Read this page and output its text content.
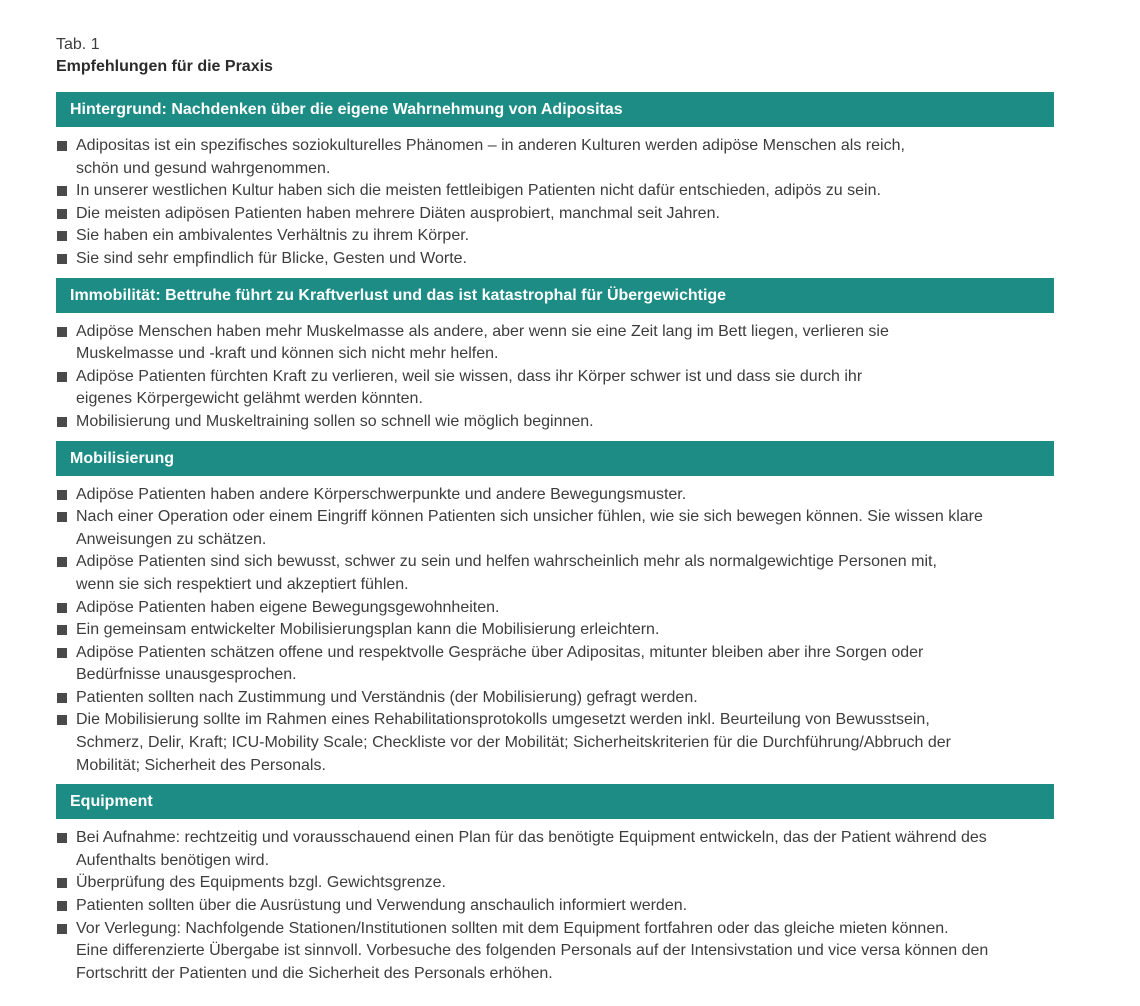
Tab. 1

Empfehlungen für die Praxis

Hintergrund: Nachdenken über die eigene Wahrnehmung von Adipositas
Adipositas ist ein spezifisches soziokulturelles Phänomen – in anderen Kulturen werden adipöse Menschen als reich,
schön und gesund wahrgenommen.
In unserer westlichen Kultur haben sich die meisten fettleibigen Patienten nicht dafür entschieden, adipös zu sein.
Die meisten adipösen Patienten haben mehrere Diäten ausprobiert, manchmal seit Jahren.
Sie haben ein ambivalentes Verhältnis zu ihrem Körper.
Sie sind sehr empfindlich für Blicke, Gesten und Worte.
Immobilität: Bettruhe führt zu Kraftverlust und das ist katastrophal für Übergewichtige
Adipöse Menschen haben mehr Muskelmasse als andere, aber wenn sie eine Zeit lang im Bett liegen, verlieren sie
Muskelmasse und -kraft und können sich nicht mehr helfen.
Adipöse Patienten fürchten Kraft zu verlieren, weil sie wissen, dass ihr Körper schwer ist und dass sie durch ihr
eigenes Körpergewicht gelähmt werden könnten.
Mobilisierung und Muskeltraining sollen so schnell wie möglich beginnen.
Mobilisierung
Adipöse Patienten haben andere Körperschwerpunkte und andere Bewegungsmuster.
Nach einer Operation oder einem Eingriff können Patienten sich unsicher fühlen, wie sie sich bewegen können. Sie wissen klare
Anweisungen zu schätzen.
Adipöse Patienten sind sich bewusst, schwer zu sein und helfen wahrscheinlich mehr als normalgewichtige Personen mit,
wenn sie sich respektiert und akzeptiert fühlen.
Adipöse Patienten haben eigene Bewegungsgewohnheiten.
Ein gemeinsam entwickelter Mobilisierungsplan kann die Mobilisierung erleichtern.
Adipöse Patienten schätzen offene und respektvolle Gespräche über Adipositas, mitunter bleiben aber ihre Sorgen oder
Bedürfnisse unausgesprochen.
Patienten sollten nach Zustimmung und Verständnis (der Mobilisierung) gefragt werden.
Die Mobilisierung sollte im Rahmen eines Rehabilitationsprotokolls umgesetzt werden inkl. Beurteilung von Bewusstsein,
Schmerz, Delir, Kraft; ICU-Mobility Scale; Checkliste vor der Mobilität; Sicherheitskriterien für die Durchführung/Abbruch der
Mobilität; Sicherheit des Personals.
Equipment
Bei Aufnahme: rechtzeitig und vorausschauend einen Plan für das benötigte Equipment entwickeln, das der Patient während des
Aufenthalts benötigen wird.
Überprüfung des Equipments bzgl. Gewichtsgrenze.
Patienten sollten über die Ausrüstung und Verwendung anschaulich informiert werden.
Vor Verlegung: Nachfolgende Stationen/Institutionen sollten mit dem Equipment fortfahren oder das gleiche mieten können.
Eine differenzierte Übergabe ist sinnvoll. Vorbesuche des folgenden Personals auf der Intensivstation und vice versa können den
Fortschritt der Patienten und die Sicherheit des Personals erhöhen.
